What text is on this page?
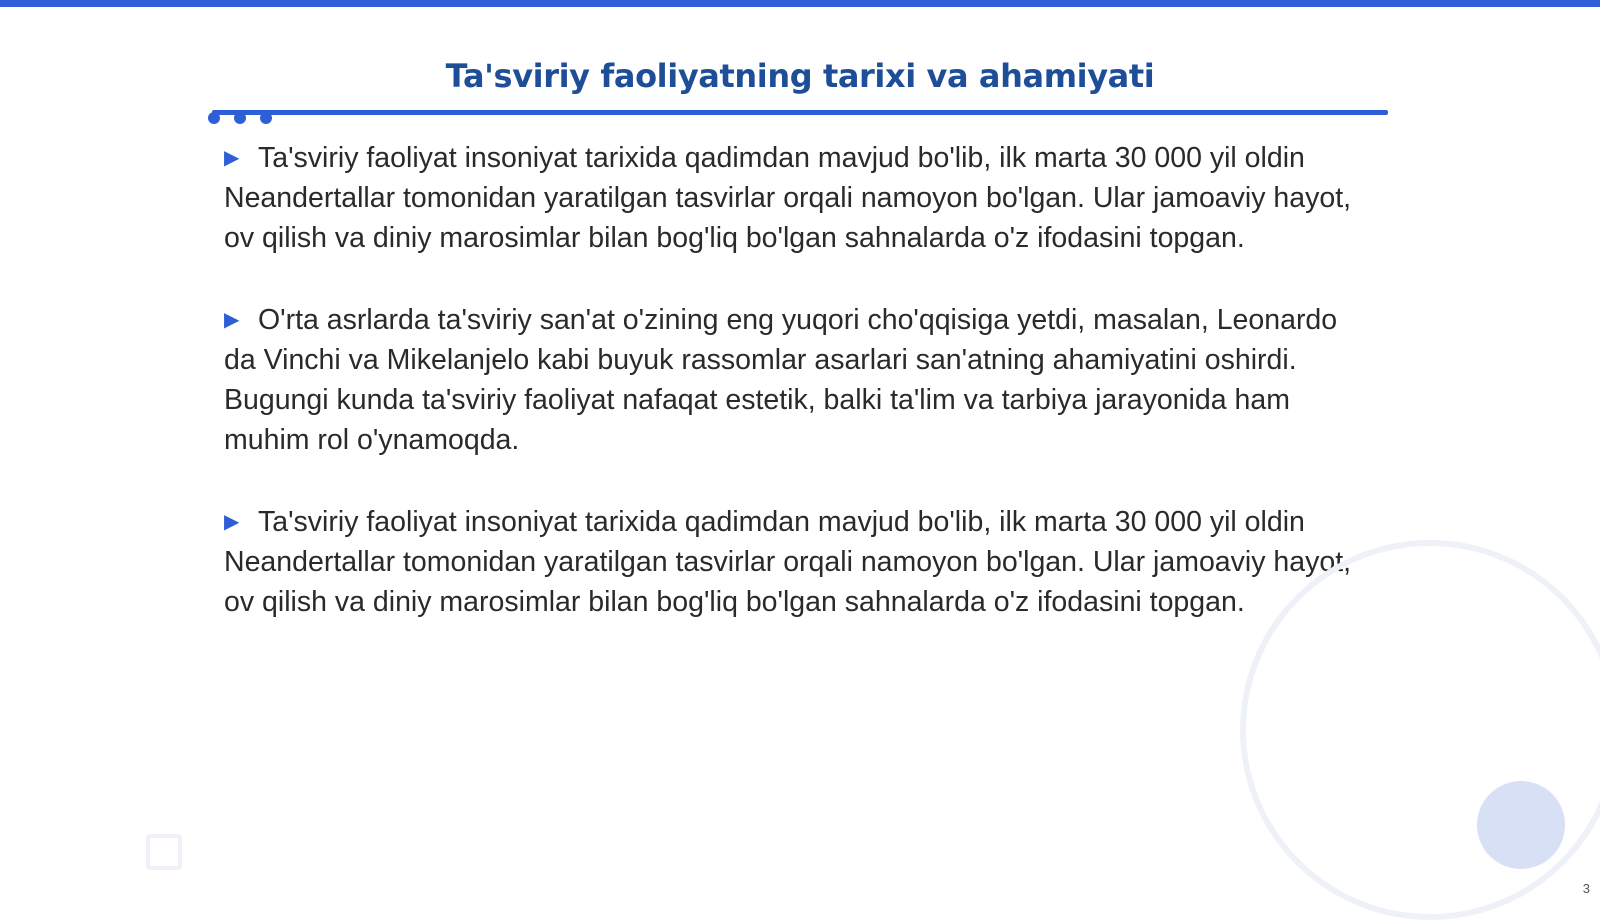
Ta'sviriy faoliyatning tarixi va ahamiyati

▶ Ta'sviriy faoliyat insoniyat tarixida qadimdan mavjud bo'lib, ilk marta 30 000 yil oldin Neandertallar tomonidan yaratilgan tasvirlar orqali namoyon bo'lgan. Ular jamoaviy hayot, ov qilish va diniy marosimlar bilan bog'liq bo'lgan sahnalarda o'z ifodasini topgan.

▶ O'rta asrlarda ta'sviriy san'at o'zining eng yuqori cho'qqisiga yetdi, masalan, Leonardo da Vinchi va Mikelanjelo kabi buyuk rassomlar asarlari san'atning ahamiyatini oshirdi. Bugungi kunda ta'sviriy faoliyat nafaqat estetik, balki ta'lim va tarbiya jarayonida ham muhim rol o'ynamoqda.

▶ Ta'sviriy faoliyat insoniyat tarixida qadimdan mavjud bo'lib, ilk marta 30 000 yil oldin Neandertallar tomonidan yaratilgan tasvirlar orqali namoyon bo'lgan. Ular jamoaviy hayot, ov qilish va diniy marosimlar bilan bog'liq bo'lgan sahnalarda o'z ifodasini topgan.

3
